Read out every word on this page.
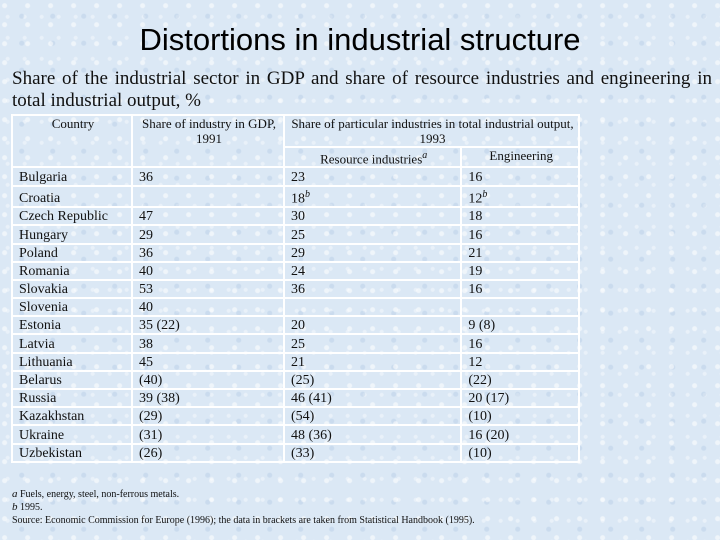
Distortions in industrial structure
Share of the industrial sector in GDP and share of resource industries and engineering in total industrial output, %
Country	Share of industry in GDP, 1991	Share of particular industries in total industrial output, 1993	
		Resource industries$^a$	Engineering
Bulgaria	36	23	16
Croatia		18$^b$	12$^b$
Czech Republic	47	30	18
Hungary	29	25	16
Poland	36	29	21
Romania	40	24	19
Slovakia	53	36	16
Slovenia	40		
Estonia	35 (22)	20	9 (8)
Latvia	38	25	16
Lithuania	45	21	12
Belarus	(40)	(25)	(22)
Russia	39 (38)	46 (41)	20 (17)
Kazakhstan	(29)	(54)	(10)
Ukraine	(31)	48 (36)	16 (20)
Uzbekistan	(26)	(33)	(10)
a Fuels, energy, steel, non-ferrous metals.
b 1995.
Source: Economic Commission for Europe (1996); the data in brackets are taken from Statistical Handbook (1995).
